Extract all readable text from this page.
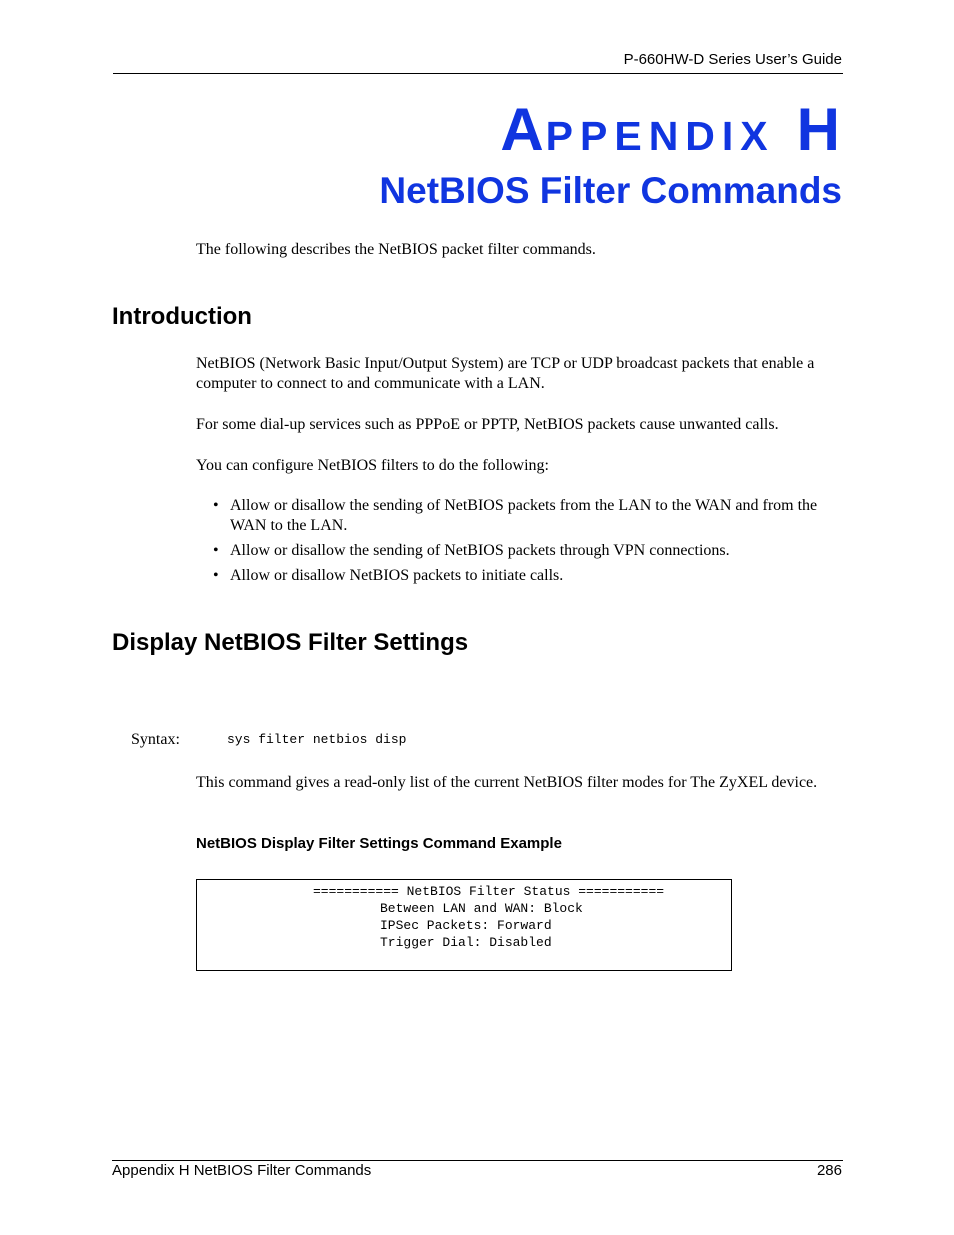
P-660HW-D Series User’s Guide
APPENDIX H
NetBIOS Filter Commands
The following describes the NetBIOS packet filter commands.
Introduction
NetBIOS (Network Basic Input/Output System) are TCP or UDP broadcast packets that enable a computer to connect to and communicate with a LAN.
For some dial-up services such as PPPoE or PPTP, NetBIOS packets cause unwanted calls.
You can configure NetBIOS filters to do the following:
• Allow or disallow the sending of NetBIOS packets from the LAN to the WAN and from the WAN to the LAN.
• Allow or disallow the sending of NetBIOS packets through VPN connections.
• Allow or disallow NetBIOS packets to initiate calls.
Display NetBIOS Filter Settings
Syntax:	sys filter netbios disp
This command gives a read-only list of the current NetBIOS filter modes for The ZyXEL device.
NetBIOS Display Filter Settings Command Example
=========== NetBIOS Filter Status ===========
Between LAN and WAN: Block
IPSec Packets: Forward
Trigger Dial: Disabled
Appendix H NetBIOS Filter Commands	286
